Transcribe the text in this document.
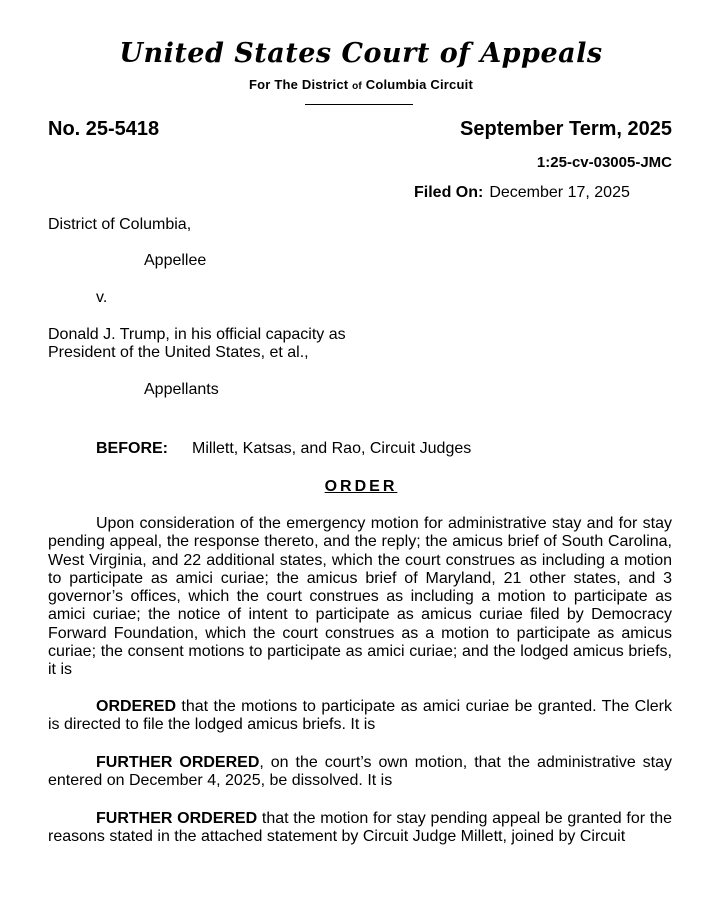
United States Court of Appeals
For The District of Columbia Circuit
No. 25-5418	September Term, 2025
1:25-cv-03005-JMC
Filed On: December 17, 2025
District of Columbia,
Appellee
v.
Donald J. Trump, in his official capacity as
President of the United States, et al.,
Appellants
BEFORE: Millett, Katsas, and Rao, Circuit Judges
ORDER

Upon consideration of the emergency motion for administrative stay and for stay pending appeal, the response thereto, and the reply; the amicus brief of South Carolina, West Virginia, and 22 additional states, which the court construes as including a motion to participate as amici curiae; the amicus brief of Maryland, 21 other states, and 3 governor’s offices, which the court construes as including a motion to participate as amici curiae; the notice of intent to participate as amicus curiae filed by Democracy Forward Foundation, which the court construes as a motion to participate as amicus curiae; the consent motions to participate as amici curiae; and the lodged amicus briefs, it is

ORDERED that the motions to participate as amici curiae be granted. The Clerk is directed to file the lodged amicus briefs. It is

FURTHER ORDERED, on the court’s own motion, that the administrative stay entered on December 4, 2025, be dissolved. It is

FURTHER ORDERED that the motion for stay pending appeal be granted for the reasons stated in the attached statement by Circuit Judge Millett, joined by Circuit
